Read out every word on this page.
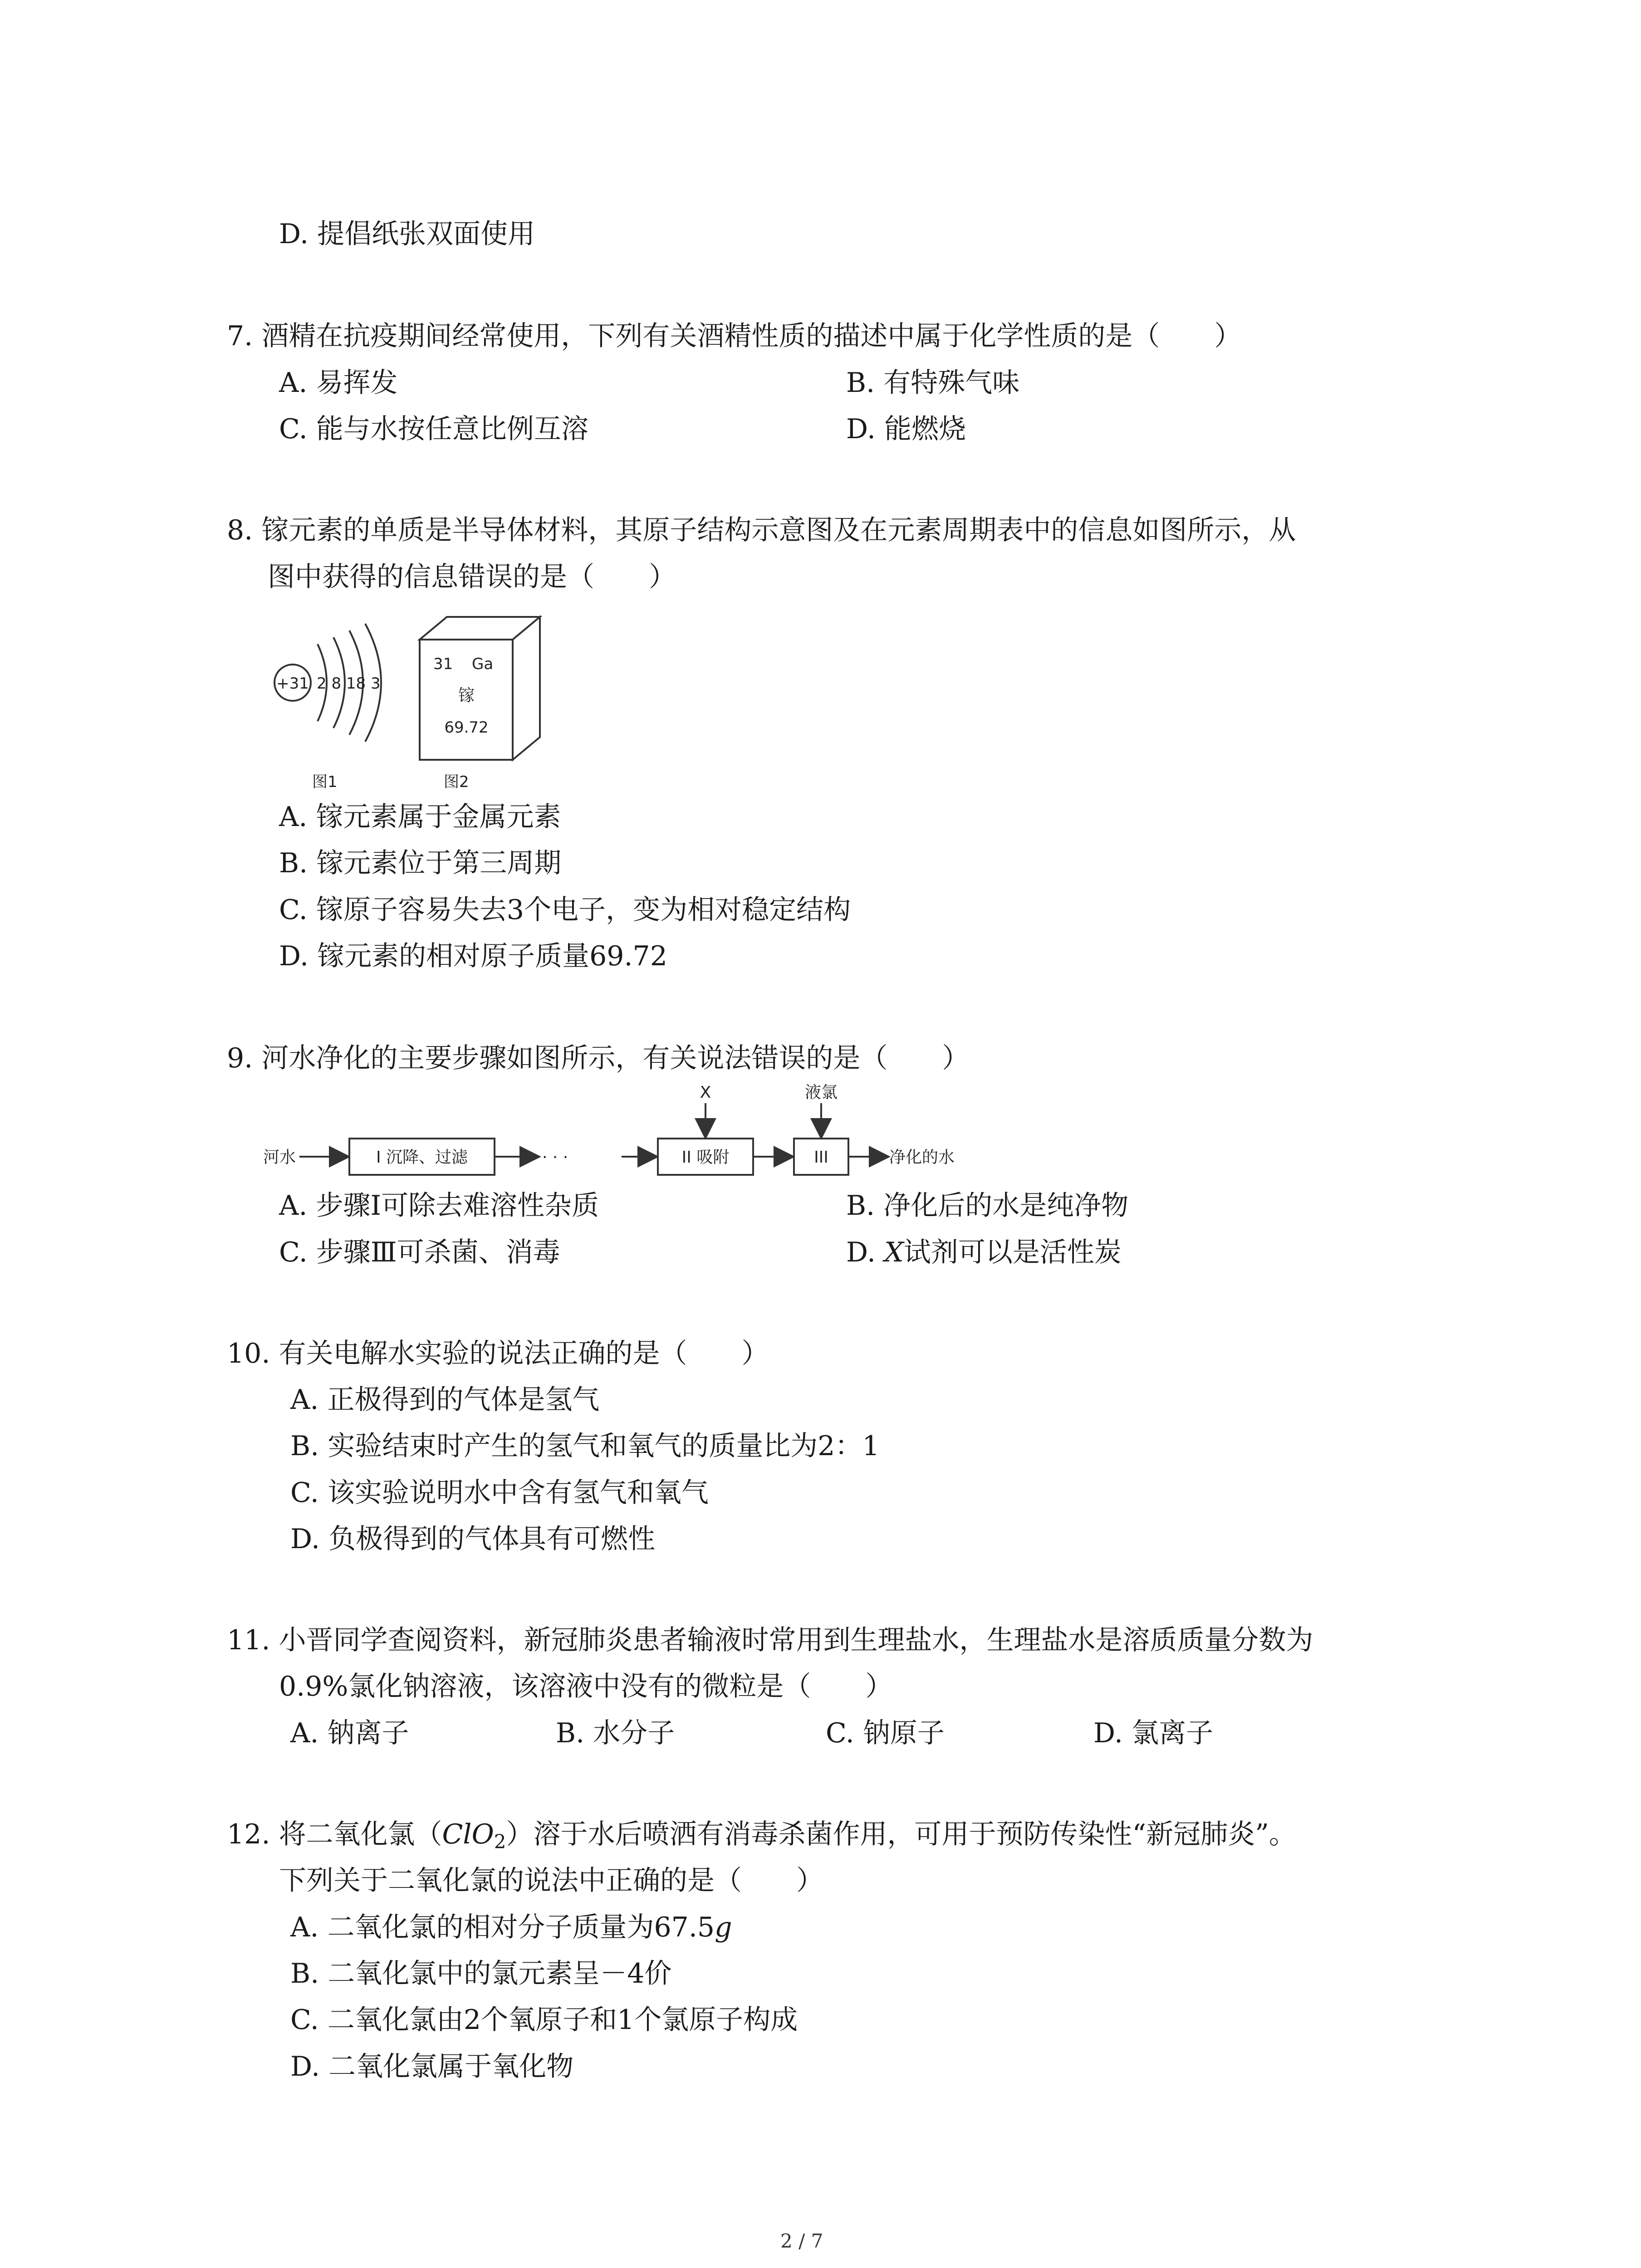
D. 提倡纸张双面使用
7. 酒精在抗疫期间经常使用，下列有关酒精性质的描述中属于化学性质的是（　　）
A. 易挥发	B. 有特殊气味
C. 能与水按任意比例互溶	D. 能燃烧
8. 镓元素的单质是半导体材料，其原子结构示意图及在元素周期表中的信息如图所示，从
图中获得的信息错误的是（　　）
+31 2 8 18 3
图1
31 Ga
镓
69.72
图2
A. 镓元素属于金属元素
B. 镓元素位于第三周期
C. 镓原子容易失去3个电子，变为相对稳定结构
D. 镓元素的相对原子质量69.72
9. 河水净化的主要步骤如图所示，有关说法错误的是（　　）
河水	I 沉降、过滤	· · ·	II 吸附	III	净化的水
X	液氯
A. 步骤Ⅰ可除去难溶性杂质	B. 净化后的水是纯净物
C. 步骤Ⅲ可杀菌、消毒	D. X试剂可以是活性炭
10. 有关电解水实验的说法正确的是（　　）
A. 正极得到的气体是氢气
B. 实验结束时产生的氢气和氧气的质量比为2：1
C. 该实验说明水中含有氢气和氧气
D. 负极得到的气体具有可燃性
11. 小晋同学查阅资料，新冠肺炎患者输液时常用到生理盐水，生理盐水是溶质质量分数为
0.9%氯化钠溶液，该溶液中没有的微粒是（　　）
A. 钠离子	B. 水分子	C. 钠原子	D. 氯离子
12. 将二氧化氯（ClO$_2$）溶于水后喷洒有消毒杀菌作用，可用于预防传染性“新冠肺炎”。
下列关于二氧化氯的说法中正确的是（　　）
A. 二氧化氯的相对分子质量为67.5g
B. 二氧化氯中的氯元素呈－4价
C. 二氧化氯由2个氧原子和1个氯原子构成
D. 二氧化氯属于氧化物
2 / 7
